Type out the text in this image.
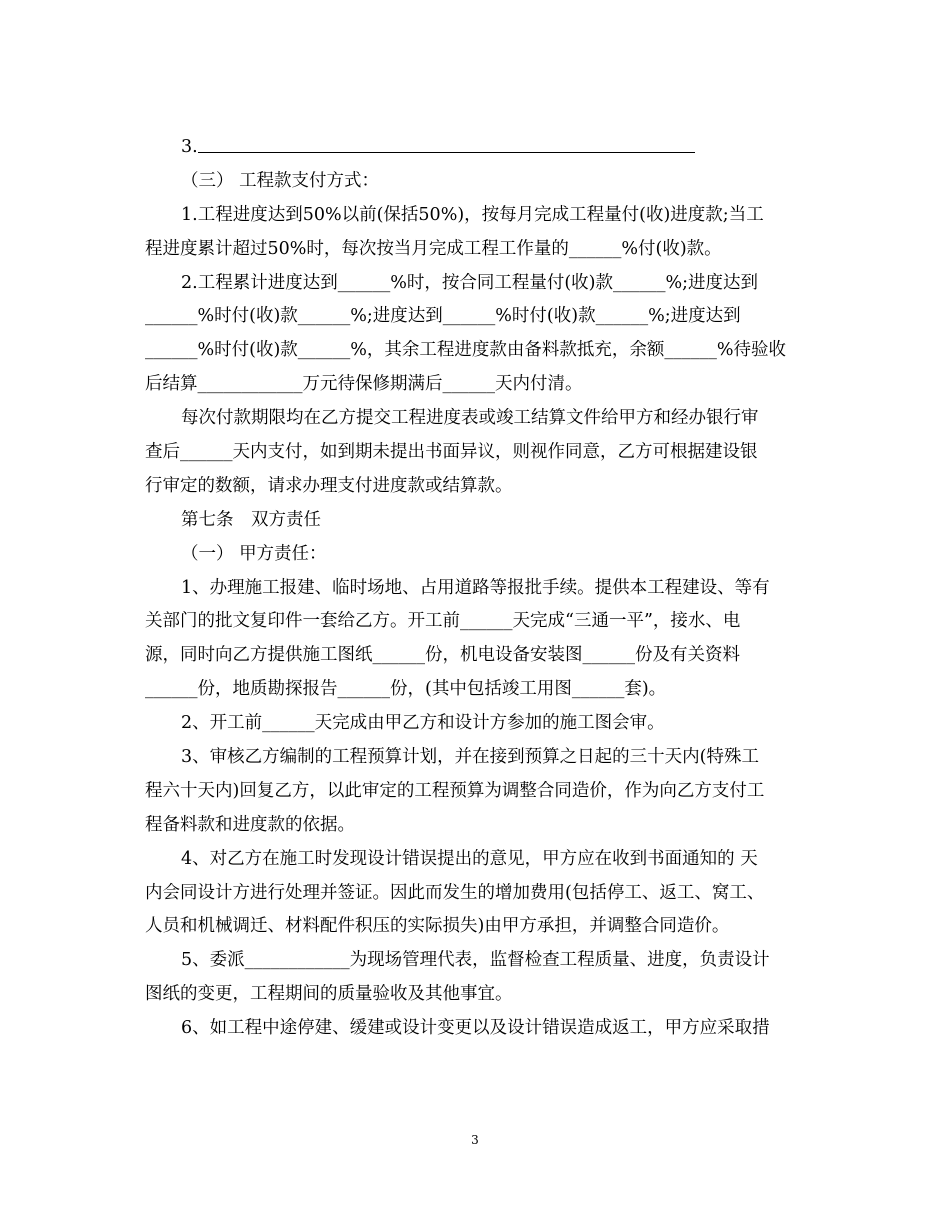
3.
（三） 工程款支付方式：
1.工程进度达到50%以前(保括50%)，按每月完成工程量付(收)进度款;当工
程进度累计超过50%时，每次按当月完成工程工作量的______%付(收)款。
2.工程累计进度达到______%时，按合同工程量付(收)款______%;进度达到
______%时付(收)款______%;进度达到______%时付(收)款______%;进度达到
______%时付(收)款______%，其余工程进度款由备料款抵充，余额______%待验收
后结算____________万元待保修期满后______天内付清。
每次付款期限均在乙方提交工程进度表或竣工结算文件给甲方和经办银行审
查后______天内支付，如到期未提出书面异议，则视作同意，乙方可根据建设银
行审定的数额，请求办理支付进度款或结算款。
第七条　双方责任
（一） 甲方责任：
1、办理施工报建、临时场地、占用道路等报批手续。提供本工程建设、等有
关部门的批文复印件一套给乙方。开工前______天完成“三通一平”，接水、电
源，同时向乙方提供施工图纸______份，机电设备安装图______份及有关资料
______份，地质勘探报告______份，(其中包括竣工用图______套)。
2、开工前______天完成由甲乙方和设计方参加的施工图会审。
3、审核乙方编制的工程预算计划，并在接到预算之日起的三十天内(特殊工
程六十天内)回复乙方，以此审定的工程预算为调整合同造价，作为向乙方支付工
程备料款和进度款的依据。
4、对乙方在施工时发现设计错误提出的意见，甲方应在收到书面通知的 天
内会同设计方进行处理并签证。因此而发生的增加费用(包括停工、返工、窝工、
人员和机械调迁、材料配件积压的实际损失)由甲方承担，并调整合同造价。
5、委派____________为现场管理代表，监督检查工程质量、进度，负责设计
图纸的变更，工程期间的质量验收及其他事宜。
6、如工程中途停建、缓建或设计变更以及设计错误造成返工，甲方应采取措
3
